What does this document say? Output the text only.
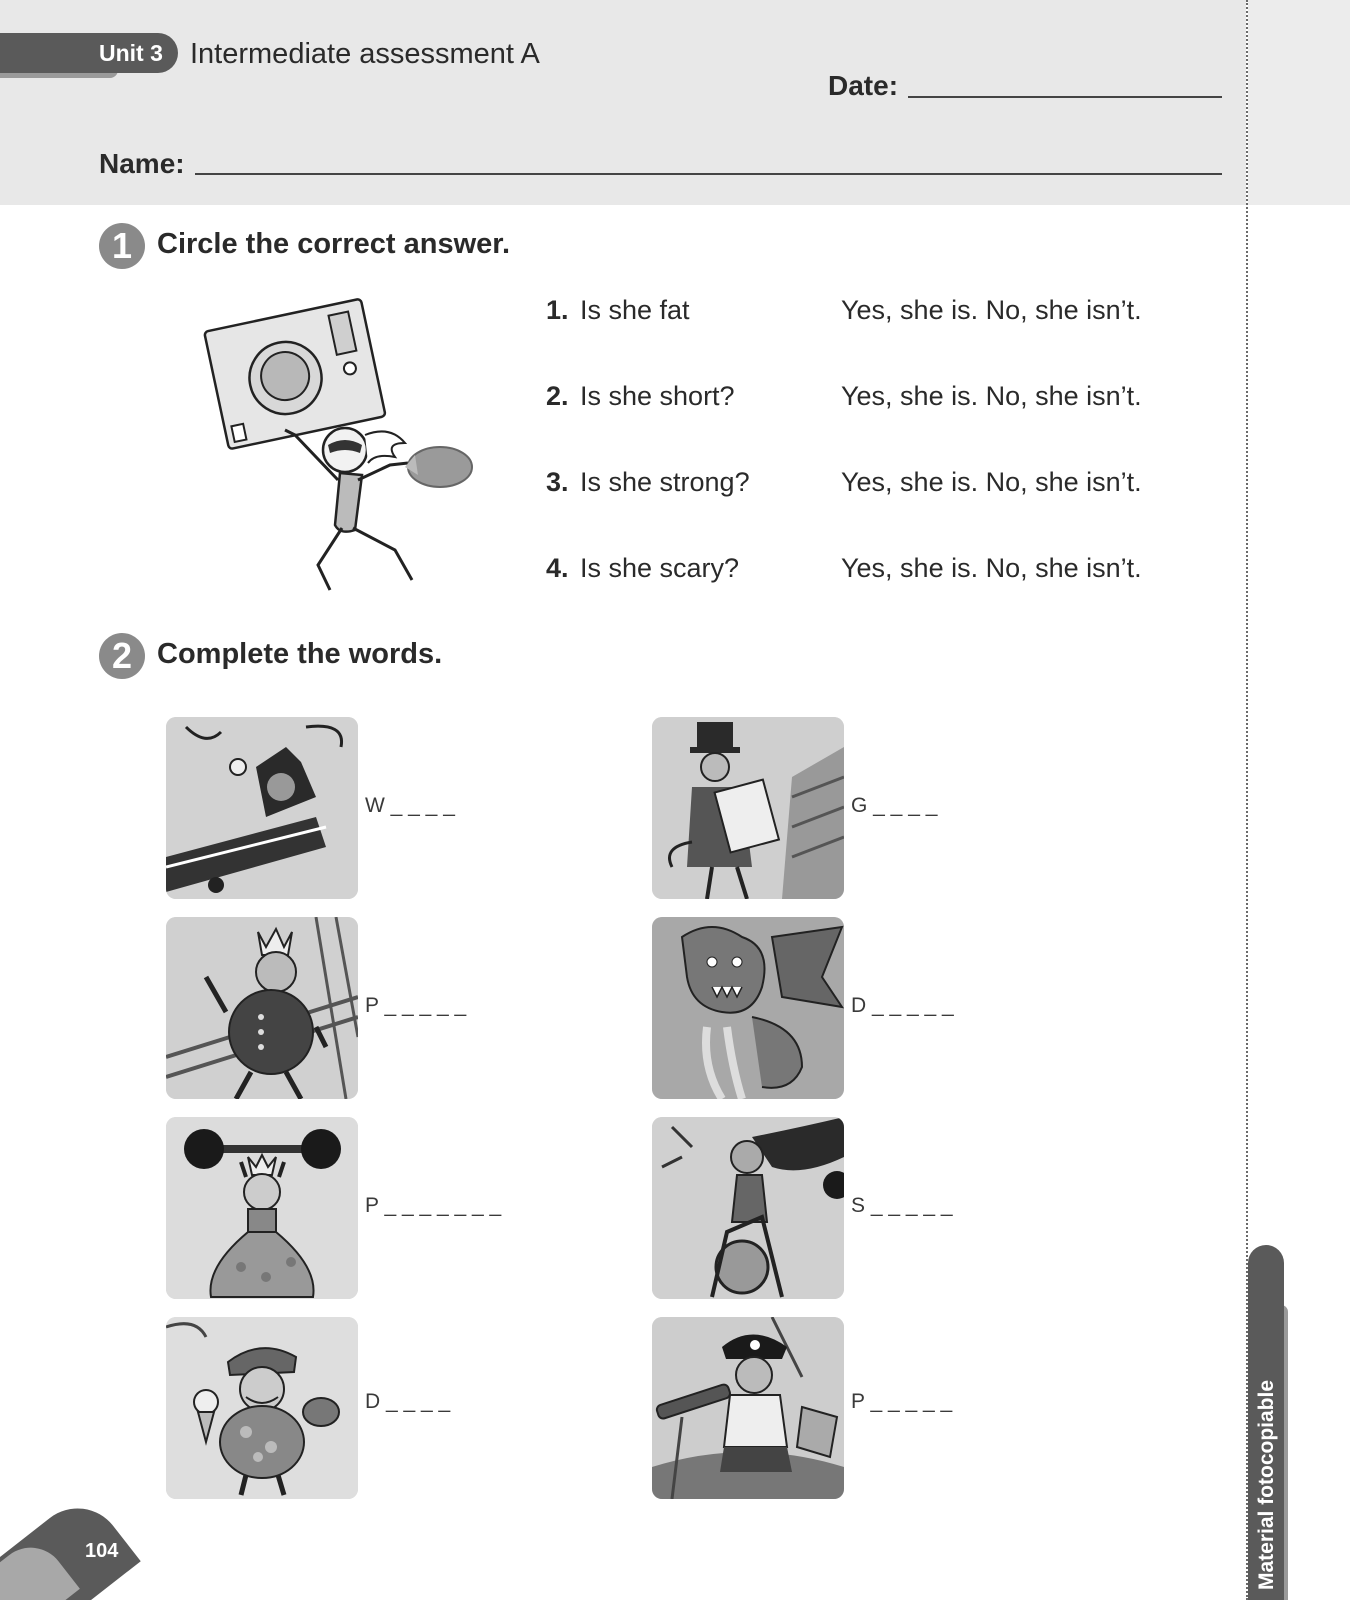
Unit 3 Intermediate assessment A
Date:
Name:
1 Circle the correct answer.
1. Is she fat	Yes, she is. No, she isn’t.
2. Is she short?	Yes, she is. No, she isn’t.
3. Is she strong?	Yes, she is. No, she isn’t.
4. Is she scary?	Yes, she is. No, she isn’t.
2 Complete the words.
W _ _ _ _	G _ _ _ _
P _ _ _ _ _	D _ _ _ _ _
P _ _ _ _ _ _ _	S _ _ _ _ _
D _ _ _ _	P _ _ _ _ _	Material fotocopiable
104
